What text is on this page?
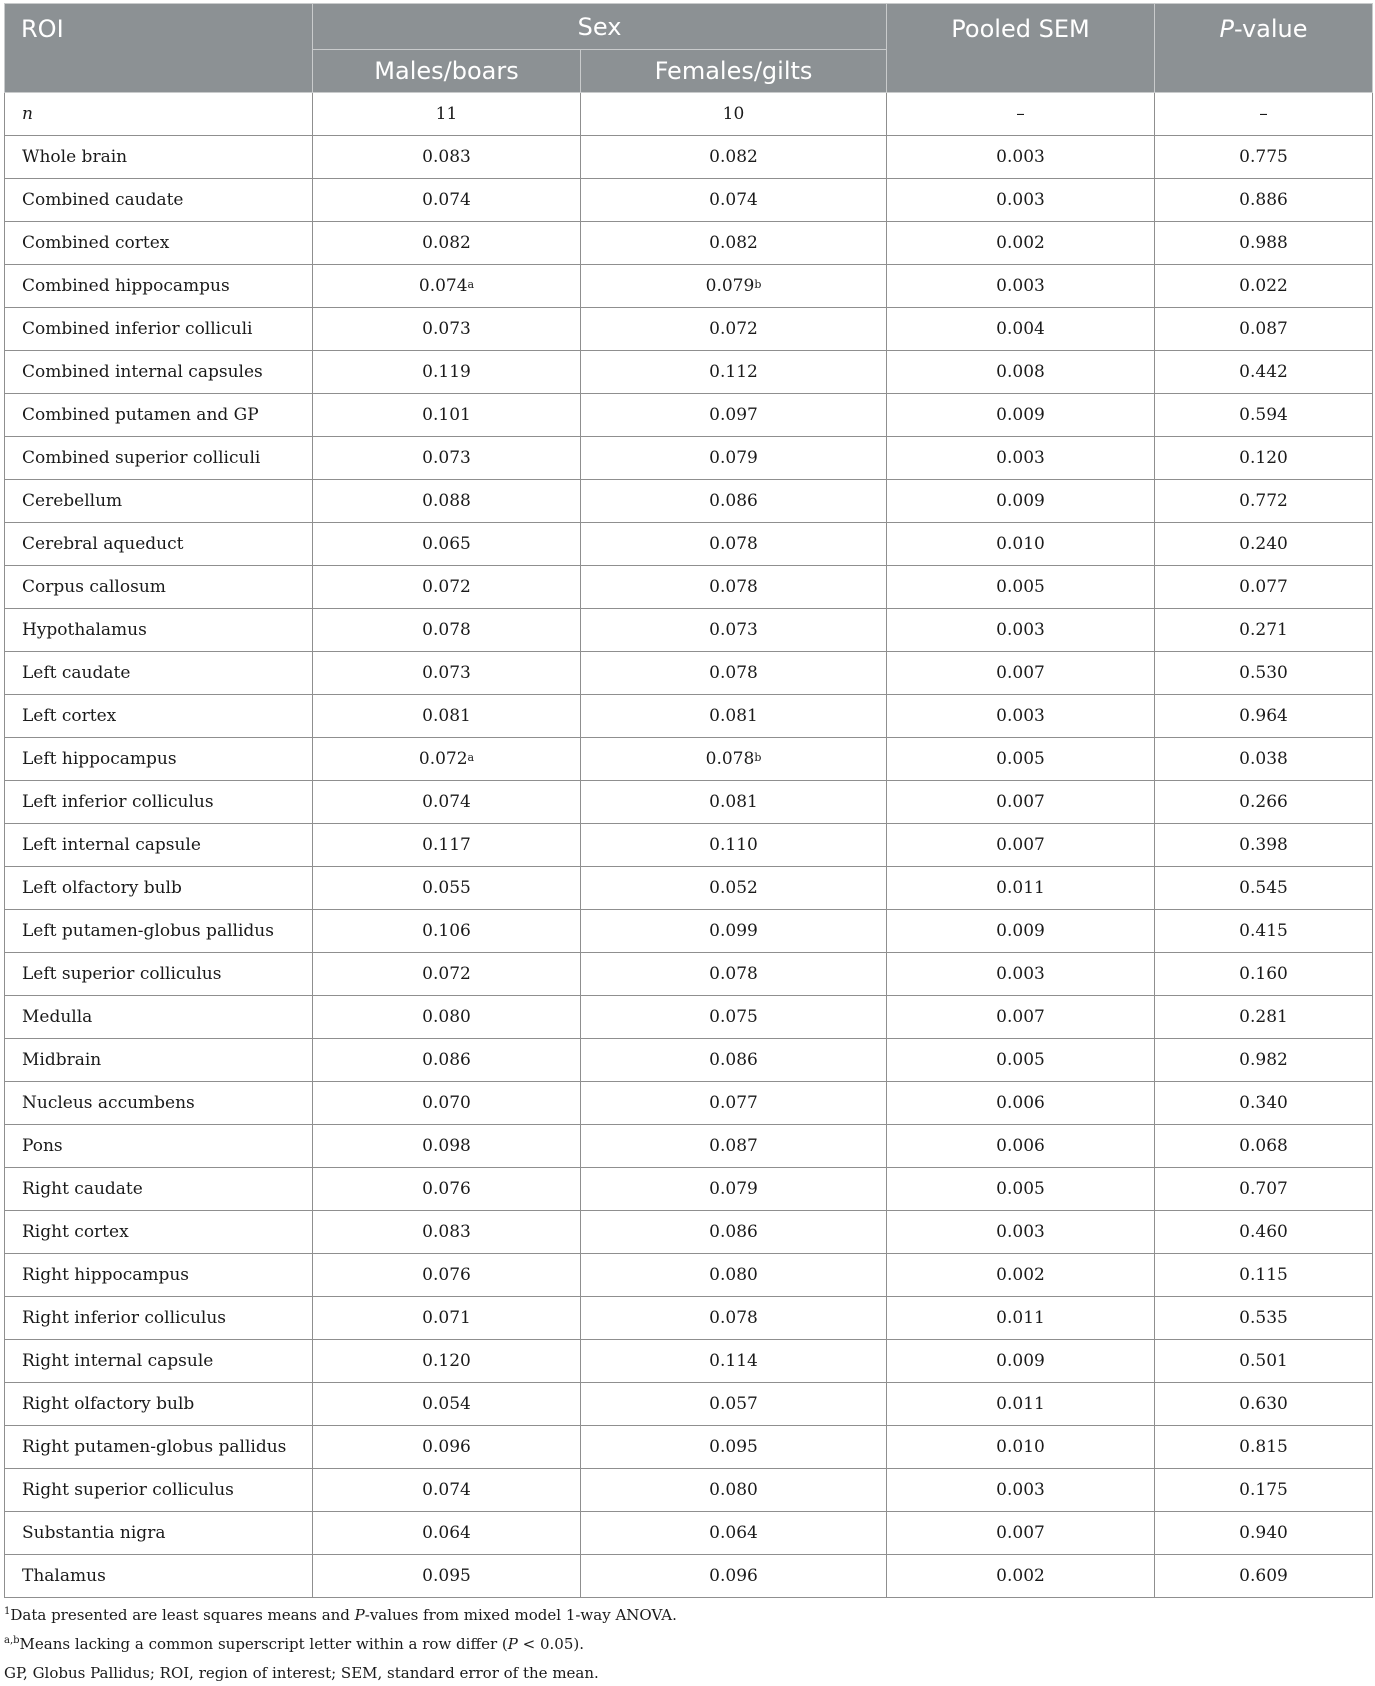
ROI	Sex		Pooled SEM	P-value
	Males/boars	Females/gilts		
n	11	10	–	–
Whole brain	0.083	0.082	0.003	0.775
Combined caudate	0.074	0.074	0.003	0.886
Combined cortex	0.082	0.082	0.002	0.988
Combined hippocampus	0.074$^a$	0.079$^b$	0.003	0.022
Combined inferior colliculi	0.073	0.072	0.004	0.087
Combined internal capsules	0.119	0.112	0.008	0.442
Combined putamen and GP	0.101	0.097	0.009	0.594
Combined superior colliculi	0.073	0.079	0.003	0.120
Cerebellum	0.088	0.086	0.009	0.772
Cerebral aqueduct	0.065	0.078	0.010	0.240
Corpus callosum	0.072	0.078	0.005	0.077
Hypothalamus	0.078	0.073	0.003	0.271
Left caudate	0.073	0.078	0.007	0.530
Left cortex	0.081	0.081	0.003	0.964
Left hippocampus	0.072$^a$	0.078$^b$	0.005	0.038
Left inferior colliculus	0.074	0.081	0.007	0.266
Left internal capsule	0.117	0.110	0.007	0.398
Left olfactory bulb	0.055	0.052	0.011	0.545
Left putamen-globus pallidus	0.106	0.099	0.009	0.415
Left superior colliculus	0.072	0.078	0.003	0.160
Medulla	0.080	0.075	0.007	0.281
Midbrain	0.086	0.086	0.005	0.982
Nucleus accumbens	0.070	0.077	0.006	0.340
Pons	0.098	0.087	0.006	0.068
Right caudate	0.076	0.079	0.005	0.707
Right cortex	0.083	0.086	0.003	0.460
Right hippocampus	0.076	0.080	0.002	0.115
Right inferior colliculus	0.071	0.078	0.011	0.535
Right internal capsule	0.120	0.114	0.009	0.501
Right olfactory bulb	0.054	0.057	0.011	0.630
Right putamen-globus pallidus	0.096	0.095	0.010	0.815
Right superior colliculus	0.074	0.080	0.003	0.175
Substantia nigra	0.064	0.064	0.007	0.940
Thalamus	0.095	0.096	0.002	0.609
$^1$Data presented are least squares means and P-values from mixed model 1-way ANOVA.
$^{a,b}$Means lacking a common superscript letter within a row differ (P < 0.05).
GP, Globus Pallidus; ROI, region of interest; SEM, standard error of the mean.
